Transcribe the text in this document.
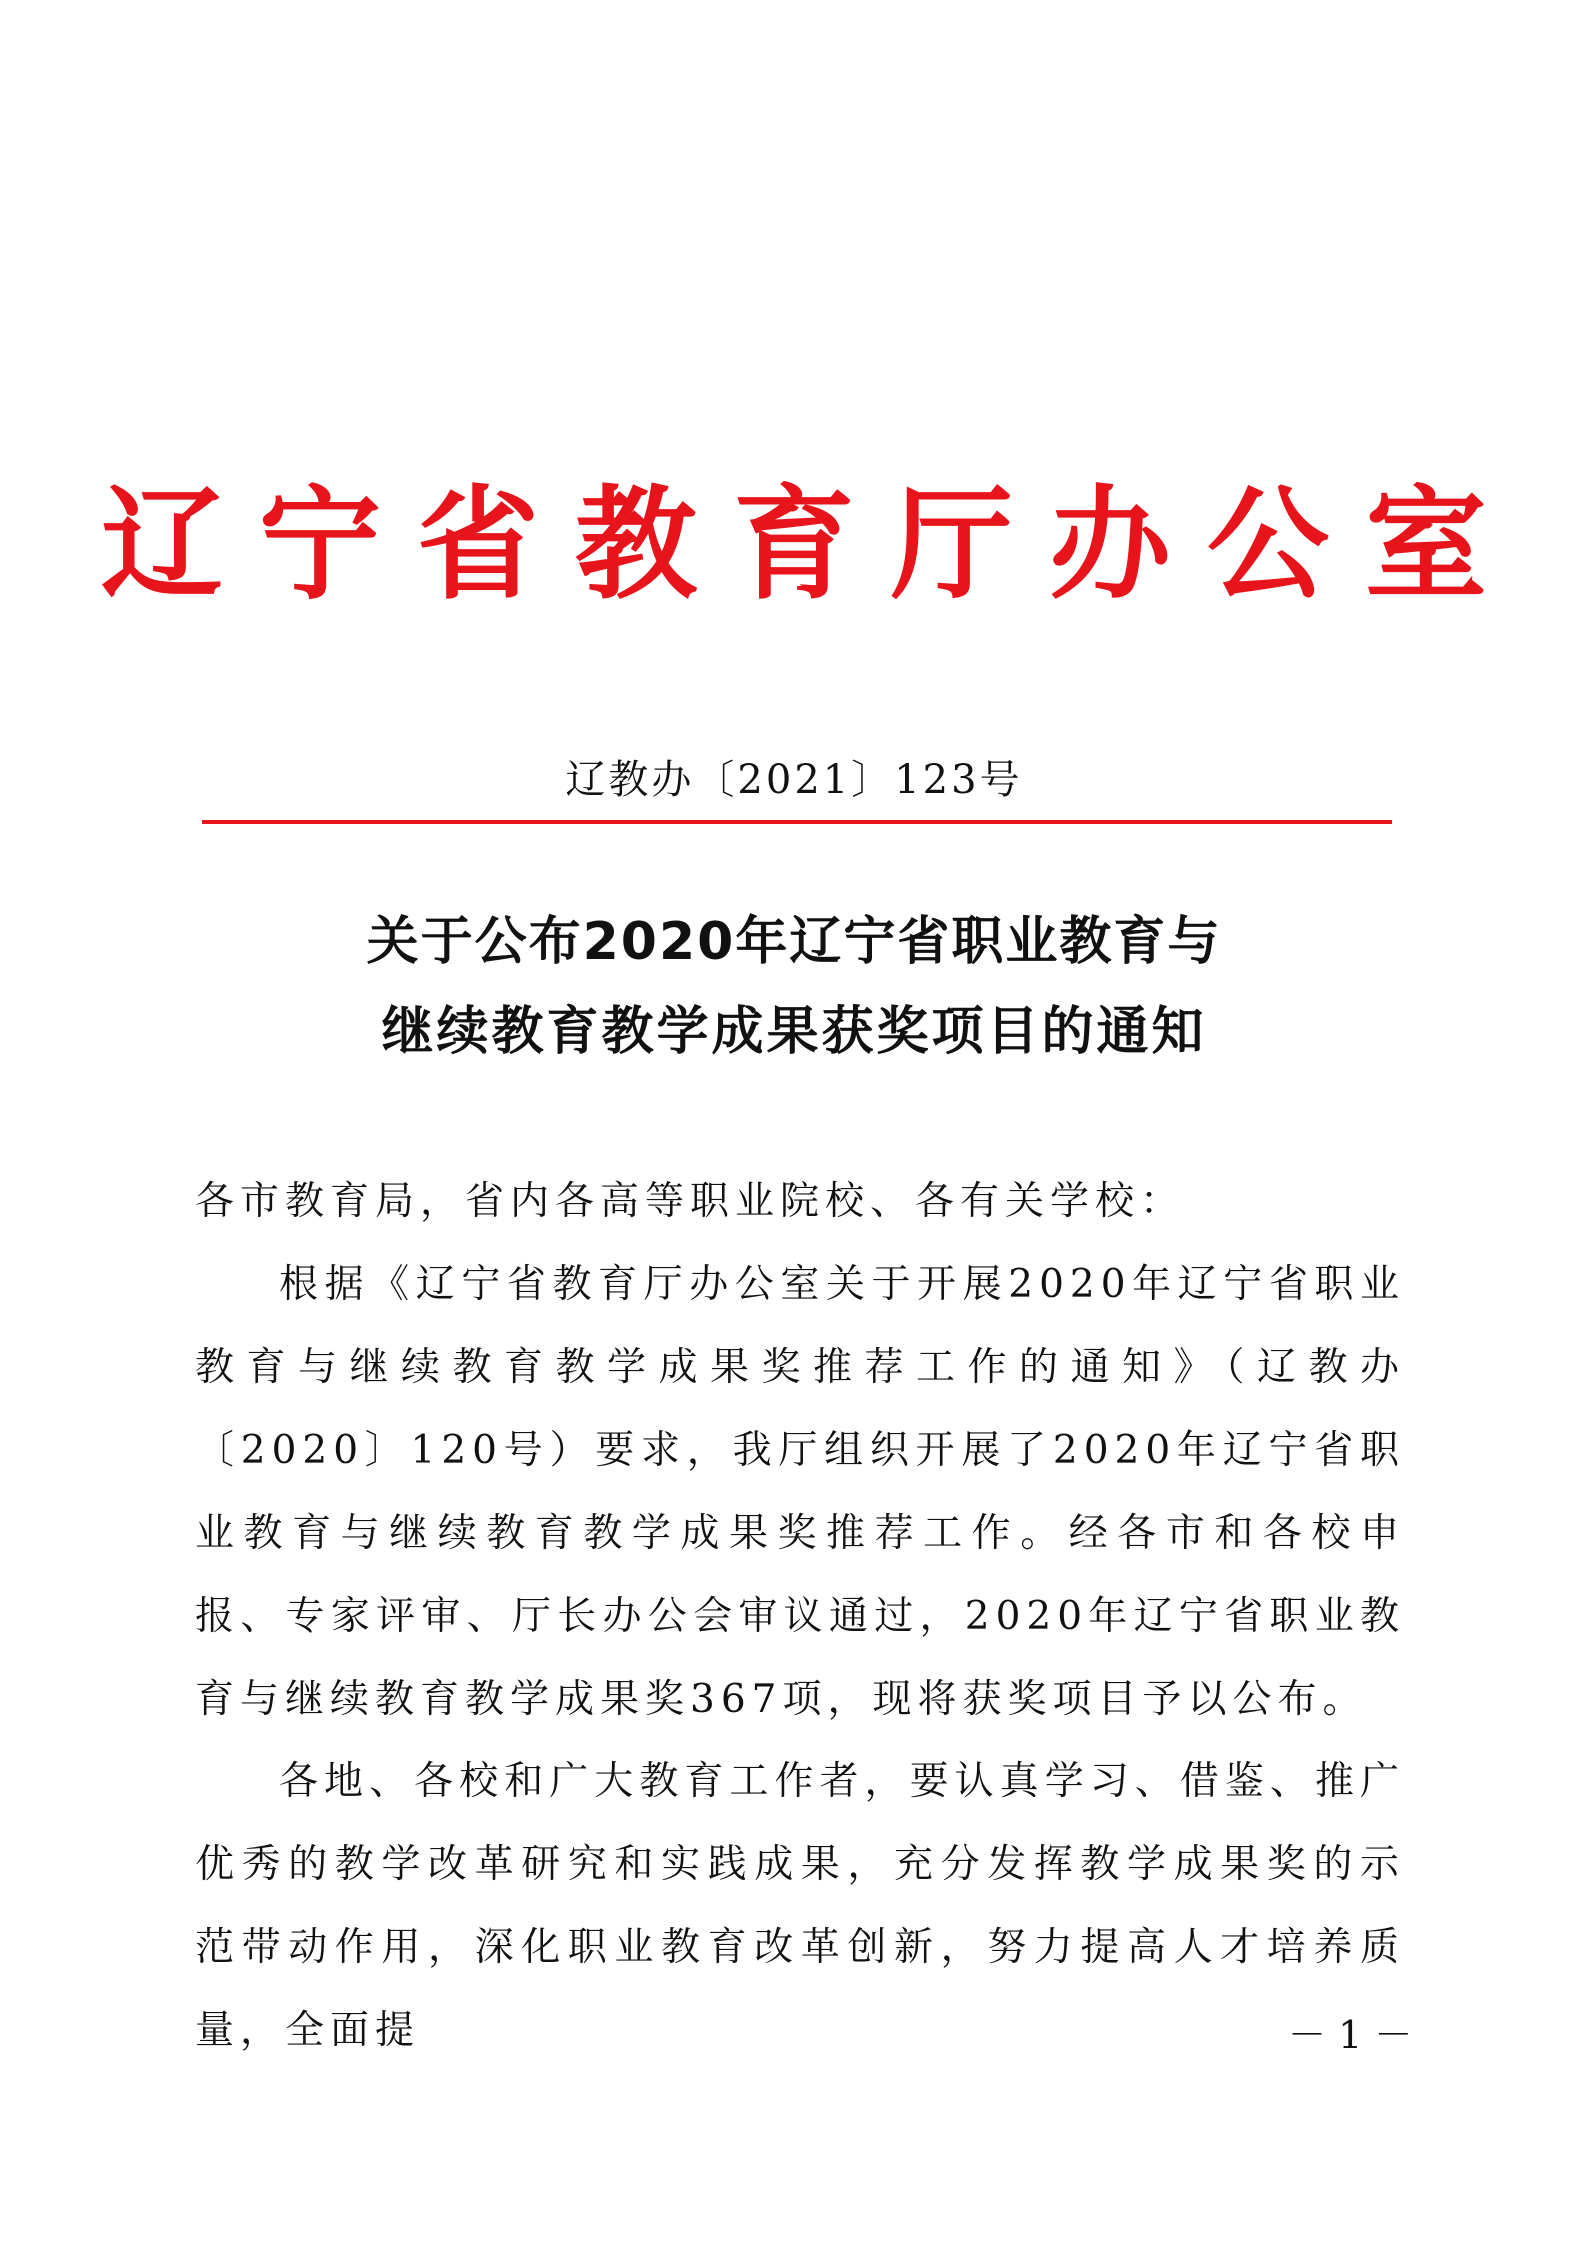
辽宁省教育厅办公室
辽教办〔2021〕123号
关于公布2020年辽宁省职业教育与
继续教育教学成果获奖项目的通知
各市教育局，省内各高等职业院校、各有关学校：
根据《辽宁省教育厅办公室关于开展2020年辽宁省职业教育与继续教育教学成果奖推荐工作的通知》（辽教办〔2020〕120号）要求，我厅组织开展了2020年辽宁省职业教育与继续教育教学成果奖推荐工作。经各市和各校申报、专家评审、厅长办公会审议通过，2020年辽宁省职业教育与继续教育教学成果奖367项，现将获奖项目予以公布。
各地、各校和广大教育工作者，要认真学习、借鉴、推广优秀的教学改革研究和实践成果，充分发挥教学成果奖的示范带动作用，深化职业教育改革创新，努力提高人才培养质量，全面提	－ 1 －
